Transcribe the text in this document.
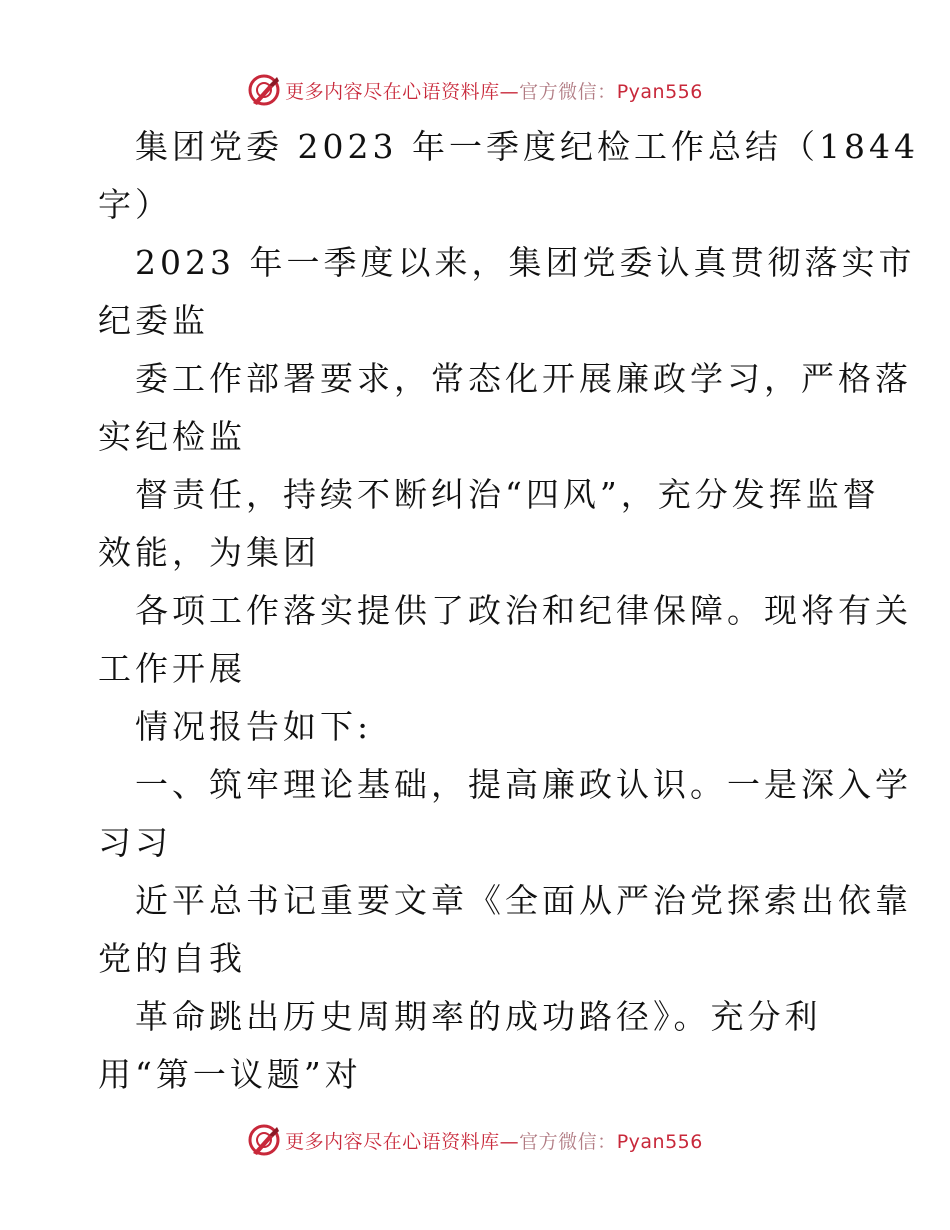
更多内容尽在心语资料库—官方微信：Pyan556
集团党委 2023 年一季度纪检工作总结（1844
字）
2023 年一季度以来，集团党委认真贯彻落实市
纪委监
委工作部署要求，常态化开展廉政学习，严格落
实纪检监
督责任，持续不断纠治“四风”，充分发挥监督
效能，为集团
各项工作落实提供了政治和纪律保障。现将有关
工作开展
情况报告如下:
一、筑牢理论基础，提高廉政认识。一是深入学
习习
近平总书记重要文章《全面从严治党探索出依靠
党的自我
革命跳出历史周期率的成功路径》。充分利
用“第一议题”对
更多内容尽在心语资料库—官方微信：Pyan556
